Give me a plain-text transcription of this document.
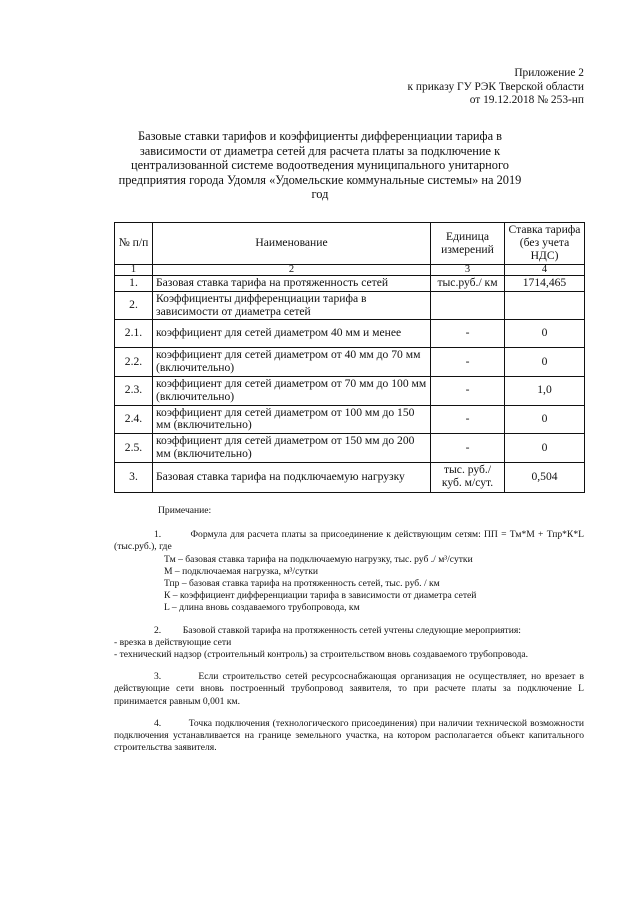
Приложение 2
к приказу ГУ РЭК Тверской области
от 19.12.2018 № 253-нп
Базовые ставки тарифов и коэффициенты дифференциации тарифа в зависимости от диаметра сетей для расчета платы за подключение к централизованной системе водоотведения муниципального унитарного предприятия города Удомля «Удомельские коммунальные системы» на 2019 год
№ п/п	Наименование	Единица измерений	Ставка тарифа (без учета НДС)
1	2	3	4
1.	Базовая ставка тарифа на протяженность сетей	тыс.руб./ км	1714,465
2.	Коэффициенты дифференциации тарифа в зависимости от диаметра сетей		
2.1.	коэффициент для сетей диаметром 40 мм и менее	-	0
2.2.	коэффициент для сетей диаметром от 40 мм до 70 мм (включительно)	-	0
2.3.	коэффициент для сетей диаметром от 70 мм до 100 мм (включительно)	-	1,0
2.4.	коэффициент для сетей диаметром от 100 мм до 150 мм (включительно)	-	0
2.5.	коэффициент для сетей диаметром от 150 мм до 200 мм (включительно)	-	0
3.	Базовая ставка тарифа на подключаемую нагрузку	тыс. руб./ куб. м/сут.	0,504

Примечание:

1.         Формула для расчета платы за присоединение к действующим сетям: ПП = Тм*М + Тпр*К*L (тыс.руб.), где

Тм – базовая ставка тарифа на подключаемую нагрузку, тыс. руб ./ м³/сутки

М – подключаемая нагрузка, м³/сутки

Тпр – базовая ставка тарифа на протяженность сетей, тыс. руб. / км

К – коэффициент дифференциации тарифа в зависимости от диаметра сетей

L – длина вновь создаваемого трубопровода, км

2.         Базовой ставкой тарифа на протяженность сетей учтены следующие мероприятия:

- врезка в действующие сети

- технический надзор (строительный контроль) за строительством вновь создаваемого трубопровода.

3.         Если строительство сетей ресурсоснабжающая организация не осуществляет, но врезает в действующие сети вновь построенный трубопровод заявителя, то при расчете платы за подключение L принимается равным 0,001 км.

4.         Точка подключения (технологического присоединения) при наличии технической возможности подключения устанавливается на границе земельного участка, на котором располагается объект капитального строительства заявителя.
